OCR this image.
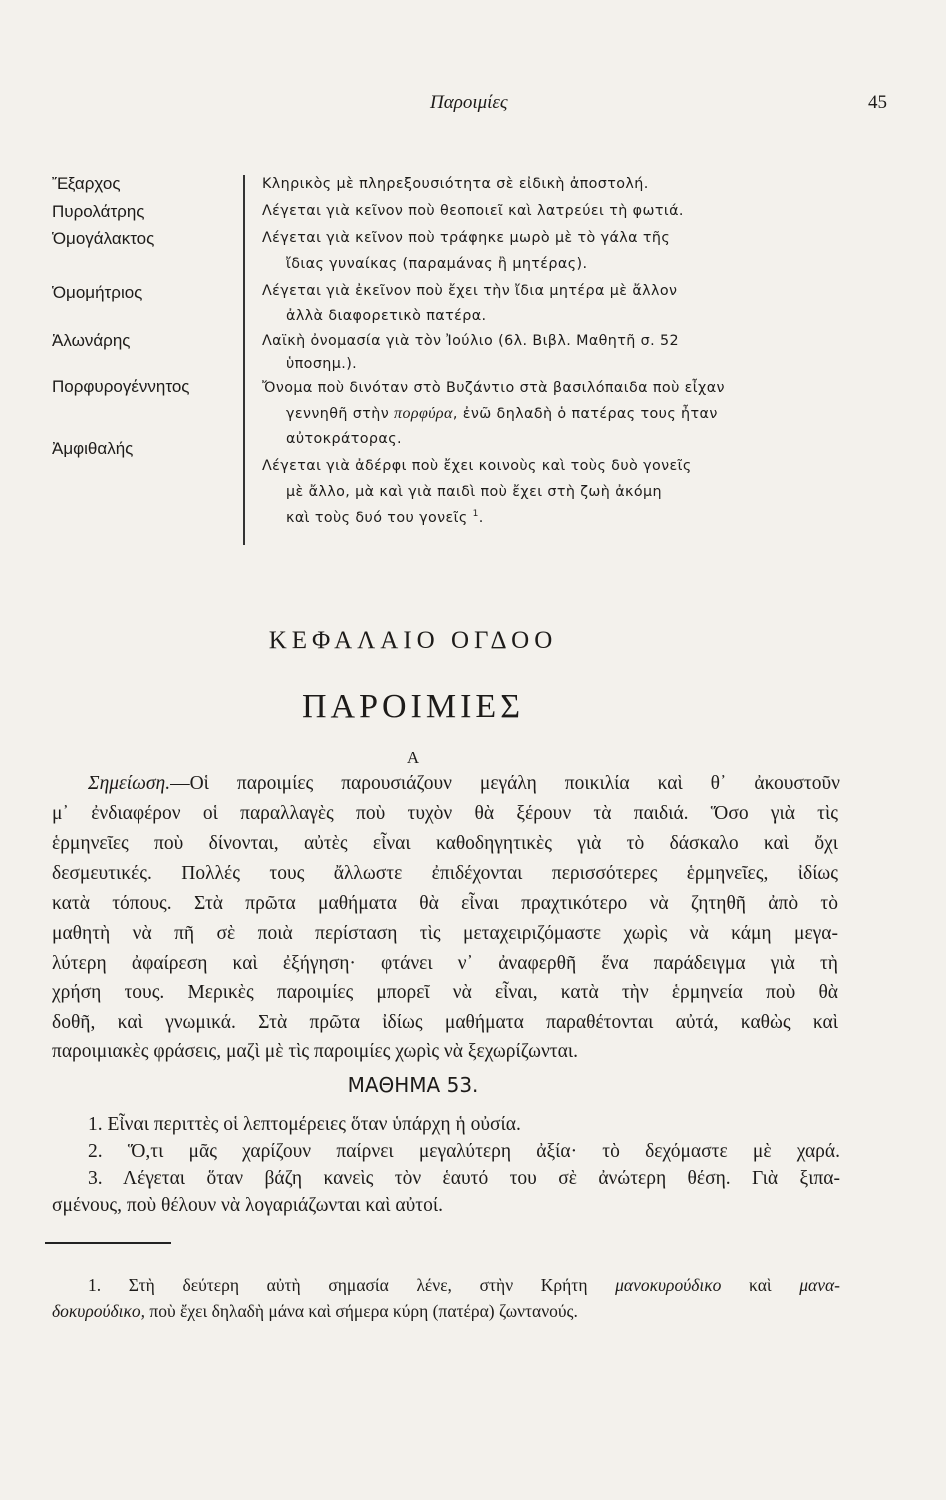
Παροιμίες	45
Ἔξαρχος
Πυρολάτρης
Ὁμογάλακτος
Ὁμομήτριος
Ἁλωνάρης
Πορφυρογέννητος
Ἀμφιθαλής
Κληρικὸς μὲ πληρεξουσιότητα σὲ εἰδικὴ ἀποστολή.
Λέγεται γιὰ κεῖνον ποὺ θεοποιεῖ καὶ λατρεύει τὴ φωτιά.
Λέγεται γιὰ κεῖνον ποὺ τράφηκε μωρὸ μὲ τὸ γάλα τῆς
ἴδιας γυναίκας (παραμάνας ἢ μητέρας).
Λέγεται γιὰ ἐκεῖνον ποὺ ἔχει τὴν ἴδια μητέρα μὲ ἄλλον
ἀλλὰ διαφορετικὸ πατέρα.
Λαϊκὴ ὀνομασία γιὰ τὸν Ἰούλιο (6λ. Βιβλ. Μαθητῆ σ. 52
ὑποσημ.).
Ὄνομα ποὺ δινόταν στὸ Βυζάντιο στὰ βασιλόπαιδα ποὺ εἶχαν
γεννηθῆ στὴν πορφύρα, ἐνῶ δηλαδὴ ὁ πατέρας τους ἦταν
αὐτοκράτορας.
Λέγεται γιὰ ἀδέρφι ποὺ ἔχει κοινοὺς καὶ τοὺς δυὸ γονεῖς
μὲ ἄλλο, μὰ καὶ γιὰ παιδὶ ποὺ ἔχει στὴ ζωὴ ἀκόμη
καὶ τοὺς δυό του γονεῖς $^1$.
ΚΕΦΑΛΑΙΟ ΟΓΔΟΟ
ΠΑΡΟΙΜΙΕΣ
Α
Σημείωση.—Οἱ παροιμίες παρουσιάζουν μεγάλη ποικιλία καὶ θ᾽ ἀκουστοῦν
μ᾽ ἐνδιαφέρον οἱ παραλλαγὲς ποὺ τυχὸν θὰ ξέρουν τὰ παιδιά. Ὅσο γιὰ τὶς
ἑρμηνεῖες ποὺ δίνονται, αὐτὲς εἶναι καθοδηγητικὲς γιὰ τὸ δάσκαλο καὶ ὄχι
δεσμευτικές. Πολλές τους ἄλλωστε ἐπιδέχονται περισσότερες ἑρμηνεῖες, ἰδίως
κατὰ τόπους. Στὰ πρῶτα μαθήματα θὰ εἶναι πραχτικότερο νὰ ζητηθῆ ἀπὸ τὸ
μαθητὴ νὰ πῆ σὲ ποιὰ περίσταση τὶς μεταχειριζόμαστε χωρὶς νὰ κάμη μεγα-
λύτερη ἀφαίρεση καὶ ἐξήγηση· φτάνει ν᾽ ἀναφερθῆ ἕνα παράδειγμα γιὰ τὴ
χρήση τους. Μερικὲς παροιμίες μπορεῖ νὰ εἶναι, κατὰ τὴν ἑρμηνεία ποὺ θὰ
δοθῆ, καὶ γνωμικά. Στὰ πρῶτα ἰδίως μαθήματα παραθέτονται αὐτά, καθὼς καὶ
παροιμιακὲς φράσεις, μαζὶ μὲ τὶς παροιμίες χωρὶς νὰ ξεχωρίζωνται.
ΜΑΘΗΜΑ 53.
1. Εἶναι περιττὲς οἱ λεπτομέρειες ὅταν ὑπάρχη ἡ οὐσία.
2. Ὅ,τι μᾶς χαρίζουν παίρνει μεγαλύτερη ἀξία· τὸ δεχόμαστε μὲ χαρά.
3. Λέγεται ὅταν βάζη κανεὶς τὸν ἑαυτό του σὲ ἀνώτερη θέση. Γιὰ ξιπα-
σμένους, ποὺ θέλουν νὰ λογαριάζωνται καὶ αὐτοί.
1. Στὴ δεύτερη αὐτὴ σημασία λένε, στὴν Κρήτη μανοκυρούδικο καὶ μανα-
δοκυρούδικο, ποὺ ἔχει δηλαδὴ μάνα καὶ σήμερα κύρη (πατέρα) ζωντανούς.
